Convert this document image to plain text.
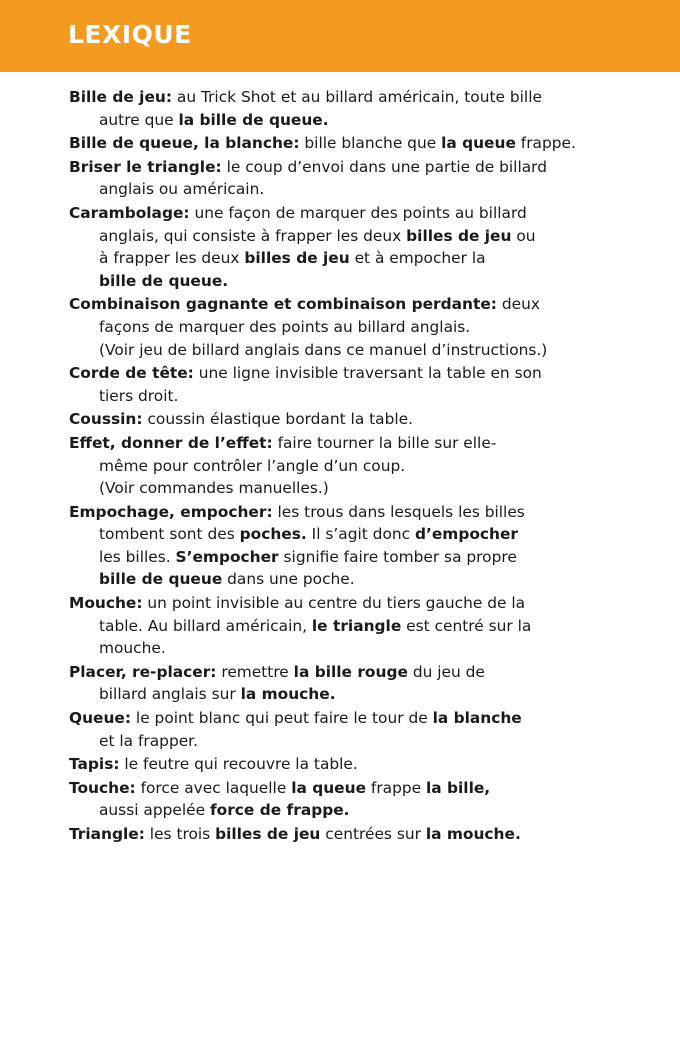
LEXIQUE
Bille de jeu: au Trick Shot et au billard américain, toute bille
autre que la bille de queue.
Bille de queue, la blanche: bille blanche que la queue frappe.
Briser le triangle: le coup d’envoi dans une partie de billard
anglais ou américain.
Carambolage: une façon de marquer des points au billard
anglais, qui consiste à frapper les deux billes de jeu ou
à frapper les deux billes de jeu et à empocher la
bille de queue.
Combinaison gagnante et combinaison perdante: deux
façons de marquer des points au billard anglais.
(Voir jeu de billard anglais dans ce manuel d’instructions.)
Corde de tête: une ligne invisible traversant la table en son
tiers droit.
Coussin: coussin élastique bordant la table.
Effet, donner de l’effet: faire tourner la bille sur elle-
même pour contrôler l’angle d’un coup.
(Voir commandes manuelles.)
Empochage, empocher: les trous dans lesquels les billes
tombent sont des poches. Il s’agit donc d’empocher
les billes. S’empocher signifie faire tomber sa propre
bille de queue dans une poche.
Mouche: un point invisible au centre du tiers gauche de la
table. Au billard américain, le triangle est centré sur la
mouche.
Placer, re-placer: remettre la bille rouge du jeu de
billard anglais sur la mouche.
Queue: le point blanc qui peut faire le tour de la blanche
et la frapper.
Tapis: le feutre qui recouvre la table.
Touche: force avec laquelle la queue frappe la bille,
aussi appelée force de frappe.
Triangle: les trois billes de jeu centrées sur la mouche.
